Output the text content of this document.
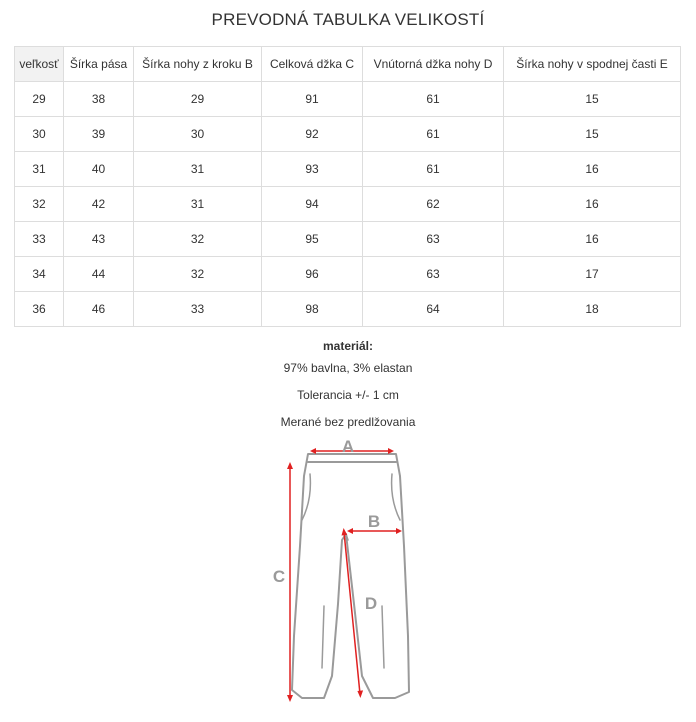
PREVODNÁ TABULKA VELIKOSTÍ
veľkosť	Šírka pása	Šírka nohy z kroku B	Celková džka C	Vnútorná džka nohy D	Šírka nohy v spodnej časti E
29	38	29	91	61	15
30	39	30	92	61	15
31	40	31	93	61	16
32	42	31	94	62	16
33	43	32	95	63	16
34	44	32	96	63	17
36	46	33	98	64	18
materiál:
97% bavlna, 3% elastan
Tolerancia +/- 1 cm
Merané bez predlžovania
A
B
C
D
